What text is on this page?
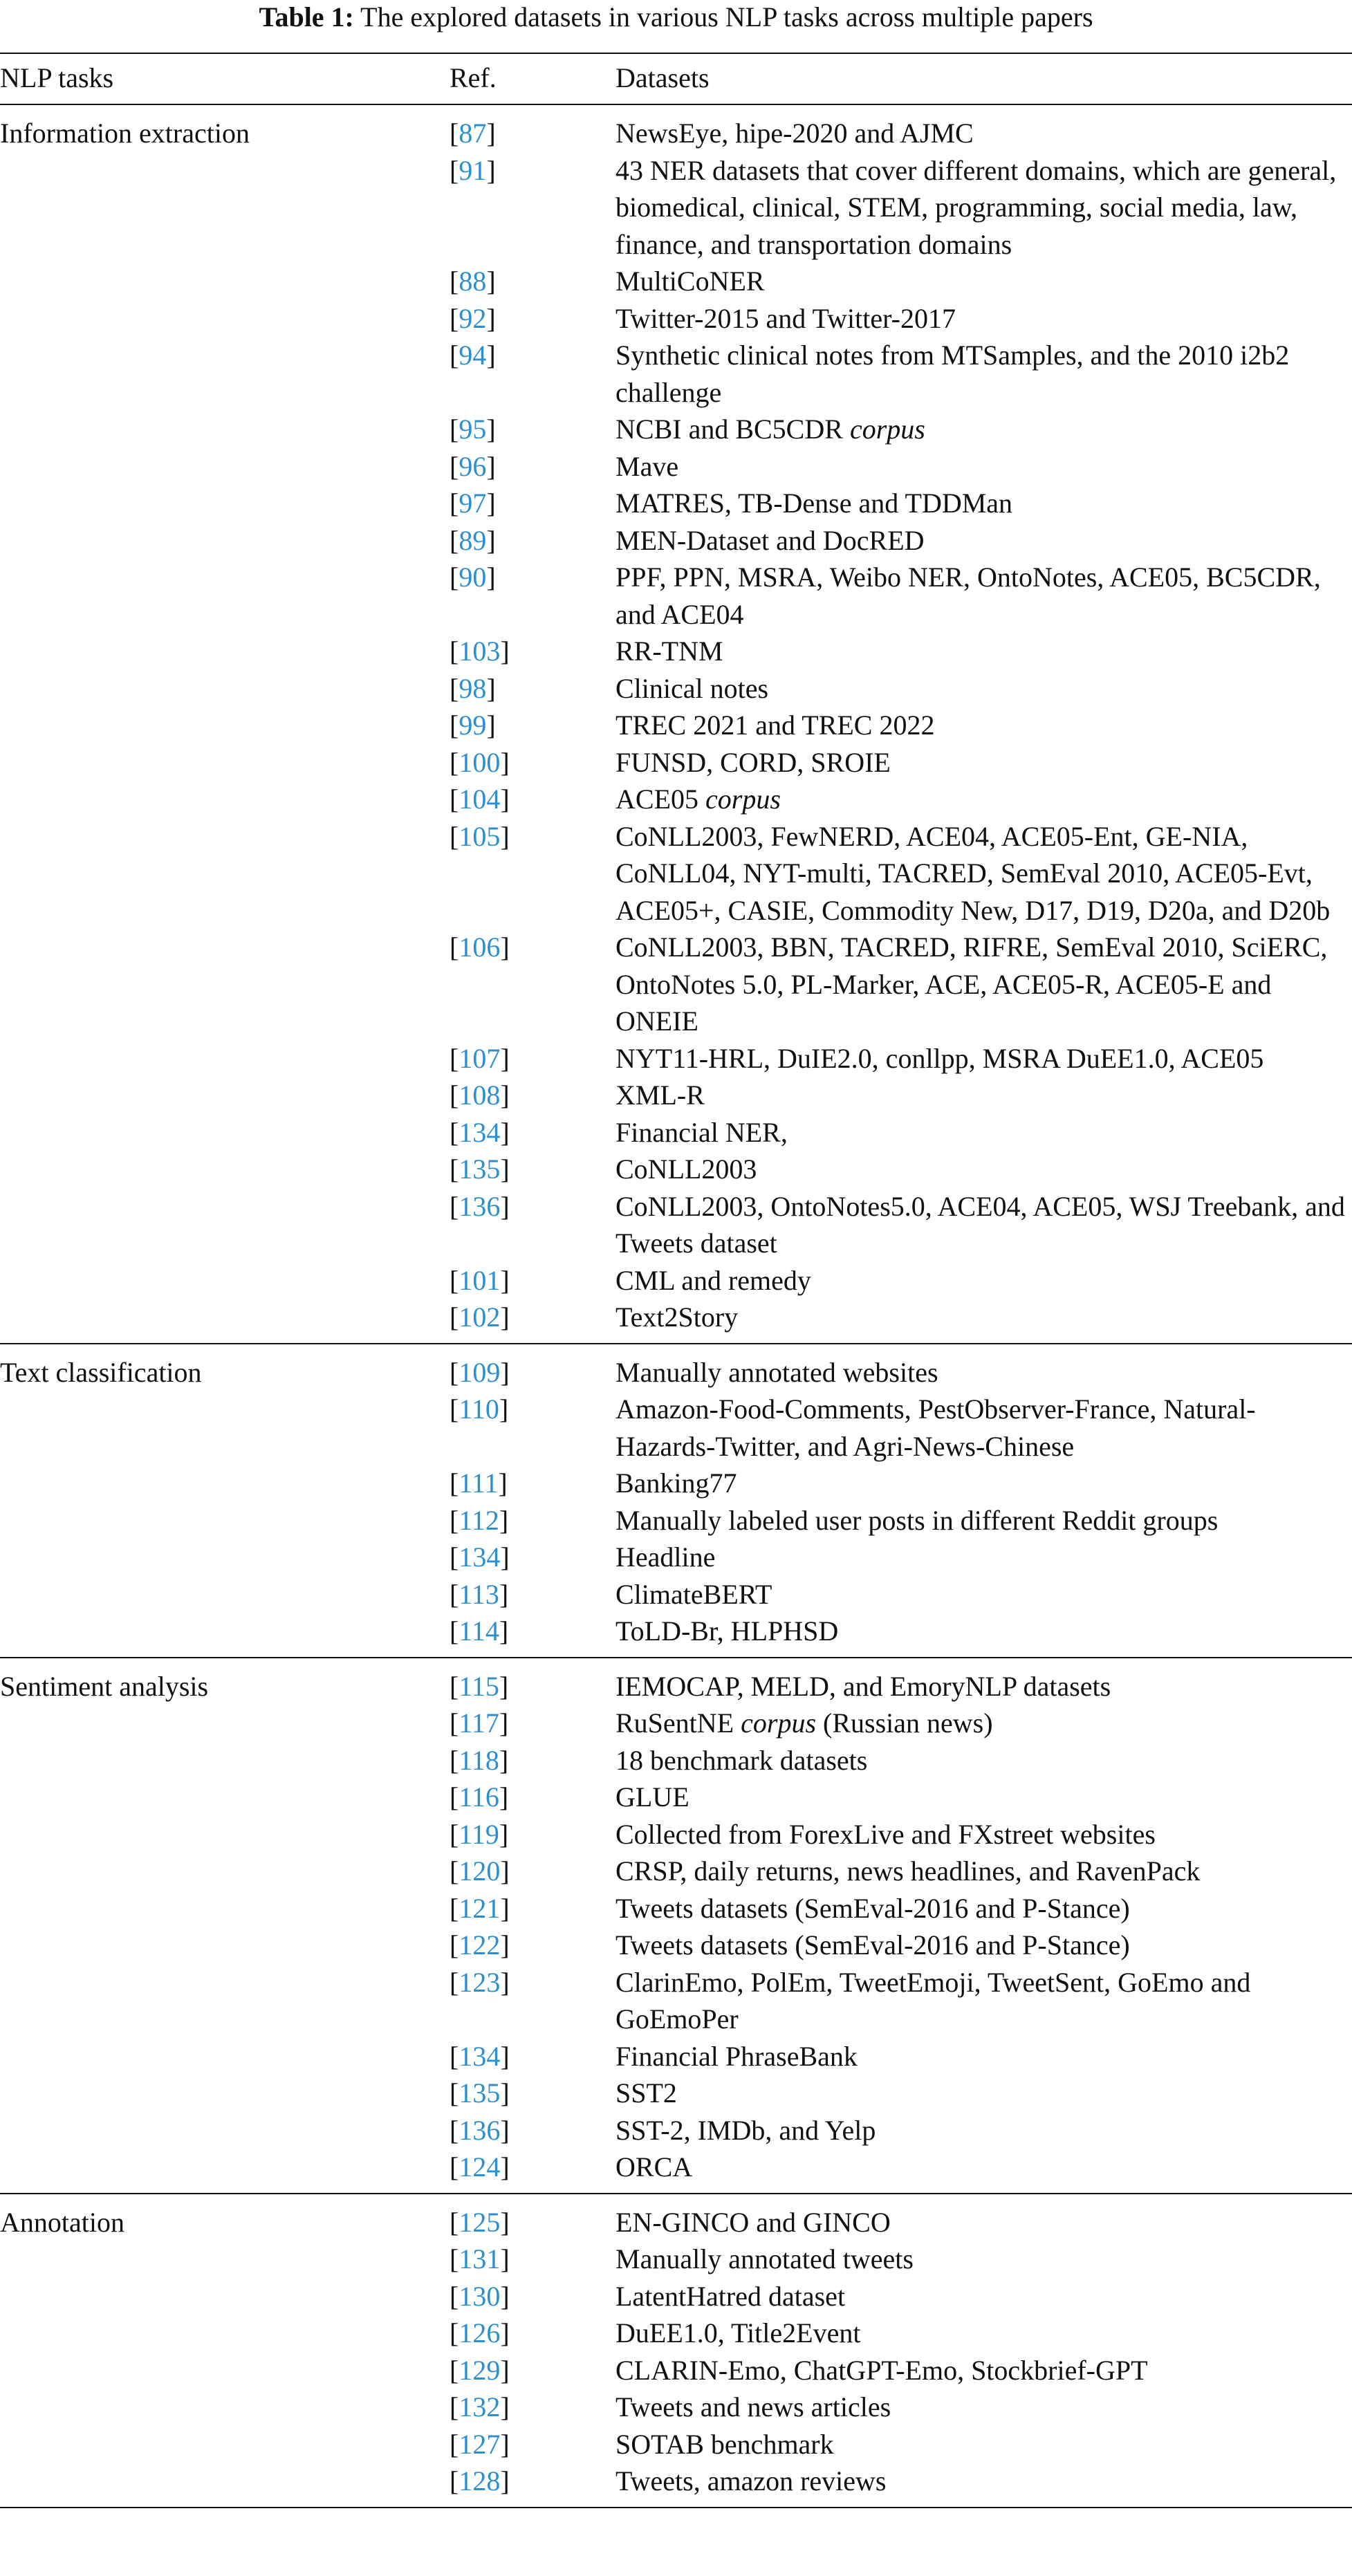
Table 1: The explored datasets in various NLP tasks across multiple papers
NLP tasks	Ref.	Datasets
Information extraction	[87]	NewsEye, hipe-2020 and AJMC
[91]	43 NER datasets that cover different domains, which are general, biomedical, clinical, STEM, programming, social media, law, finance, and transportation domains
[88]	MultiCoNER
[92]	Twitter-2015 and Twitter-2017
[94]	Synthetic clinical notes from MTSamples, and the 2010 i2b2 challenge
[95]	NCBI and BC5CDR corpus
[96]	Mave
[97]	MATRES, TB-Dense and TDDMan
[89]	MEN-Dataset and DocRED
[90]	PPF, PPN, MSRA, Weibo NER, OntoNotes, ACE05, BC5CDR, and ACE04
[103]	RR-TNM
[98]	Clinical notes
[99]	TREC 2021 and TREC 2022
[100]	FUNSD, CORD, SROIE
[104]	ACE05 corpus
[105]	CoNLL2003, FewNERD, ACE04, ACE05-Ent, GE-NIA, CoNLL04, NYT-multi, TACRED, SemEval 2010, ACE05-Evt, ACE05+, CASIE, Commodity New, D17, D19, D20a, and D20b
[106]	CoNLL2003, BBN, TACRED, RIFRE, SemEval 2010, SciERC, OntoNotes 5.0, PL-Marker, ACE, ACE05-R, ACE05-E and ONEIE
[107]	NYT11-HRL, DuIE2.0, conllpp, MSRA DuEE1.0, ACE05
[108]	XML-R
[134]	Financial NER,
[135]	CoNLL2003
[136]	CoNLL2003, OntoNotes5.0, ACE04, ACE05, WSJ Treebank, and Tweets dataset
[101]	CML and remedy
[102]	Text2Story
Text classification	[109]	Manually annotated websites
[110]	Amazon-Food-Comments, PestObserver-France, Natural-Hazards-Twitter, and Agri-News-Chinese
[111]	Banking77
[112]	Manually labeled user posts in different Reddit groups
[134]	Headline
[113]	ClimateBERT
[114]	ToLD-Br, HLPHSD
Sentiment analysis	[115]	IEMOCAP, MELD, and EmoryNLP datasets
[117]	RuSentNE corpus (Russian news)
[118]	18 benchmark datasets
[116]	GLUE
[119]	Collected from ForexLive and FXstreet websites
[120]	CRSP, daily returns, news headlines, and RavenPack
[121]	Tweets datasets (SemEval-2016 and P-Stance)
[122]	Tweets datasets (SemEval-2016 and P-Stance)
[123]	ClarinEmo, PolEm, TweetEmoji, TweetSent, GoEmo and GoEmoPer
[134]	Financial PhraseBank
[135]	SST2
[136]	SST-2, IMDb, and Yelp
[124]	ORCA
Annotation	[125]	EN-GINCO and GINCO
[131]	Manually annotated tweets
[130]	LatentHatred dataset
[126]	DuEE1.0, Title2Event
[129]	CLARIN-Emo, ChatGPT-Emo, Stockbrief-GPT
[132]	Tweets and news articles
[127]	SOTAB benchmark
[128]	Tweets, amazon reviews
